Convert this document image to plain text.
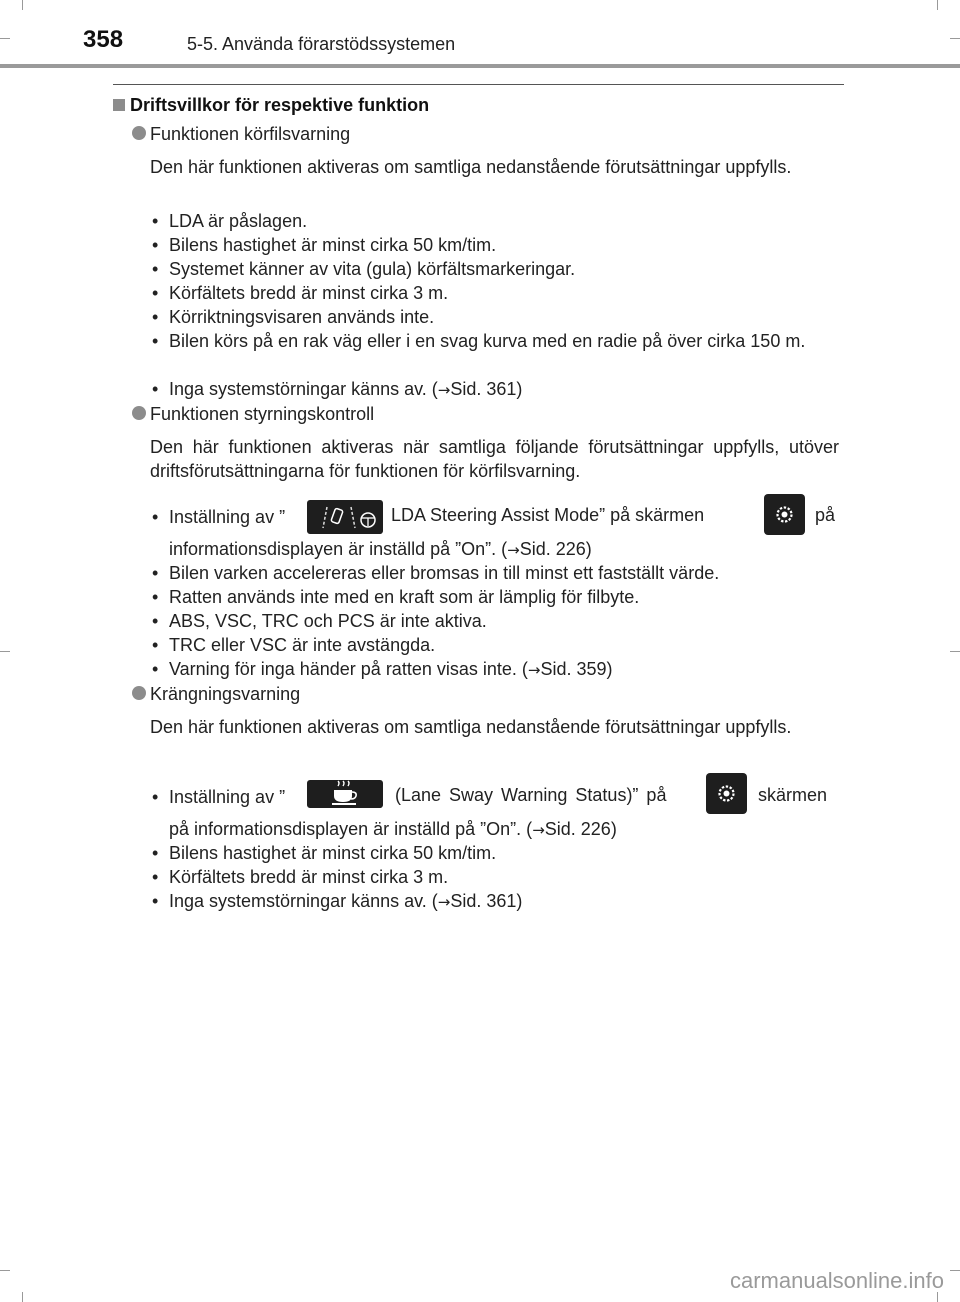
358	5-5. Använda förarstödssystemen
Driftsvillkor för respektive funktion
Funktionen körfilsvarning
Den här funktionen aktiveras om samtliga nedanstående förutsättningar uppfylls.
• LDA är påslagen.
• Bilens hastighet är minst cirka 50 km/tim.
• Systemet känner av vita (gula) körfältsmarkeringar.
• Körfältets bredd är minst cirka 3 m.
• Körriktningsvisaren används inte.
• Bilen körs på en rak väg eller i en svag kurva med en radie på över cirka 150 m.
• Inga systemstörningar känns av. (→Sid. 361)
Funktionen styrningskontroll
Den här funktionen aktiveras när samtliga följande förutsättningar uppfylls, utöver driftsförutsättningarna för funktionen för körfilsvarning.
• Inställning av ”	LDA Steering Assist Mode” på skärmen	på
informationsdisplayen är inställd på ”On”. (→Sid. 226)
• Bilen varken accelereras eller bromsas in till minst ett fastställt värde.
• Ratten används inte med en kraft som är lämplig för filbyte.
• ABS, VSC, TRC och PCS är inte aktiva.
• TRC eller VSC är inte avstängda.
• Varning för inga händer på ratten visas inte. (→Sid. 359)
Krängningsvarning
Den här funktionen aktiveras om samtliga nedanstående förutsättningar uppfylls.
• Inställning av ”	(Lane Sway Warning Status)” på	skärmen
på informationsdisplayen är inställd på ”On”. (→Sid. 226)
• Bilens hastighet är minst cirka 50 km/tim.
• Körfältets bredd är minst cirka 3 m.
• Inga systemstörningar känns av. (→Sid. 361)
carmanualsonline.info
